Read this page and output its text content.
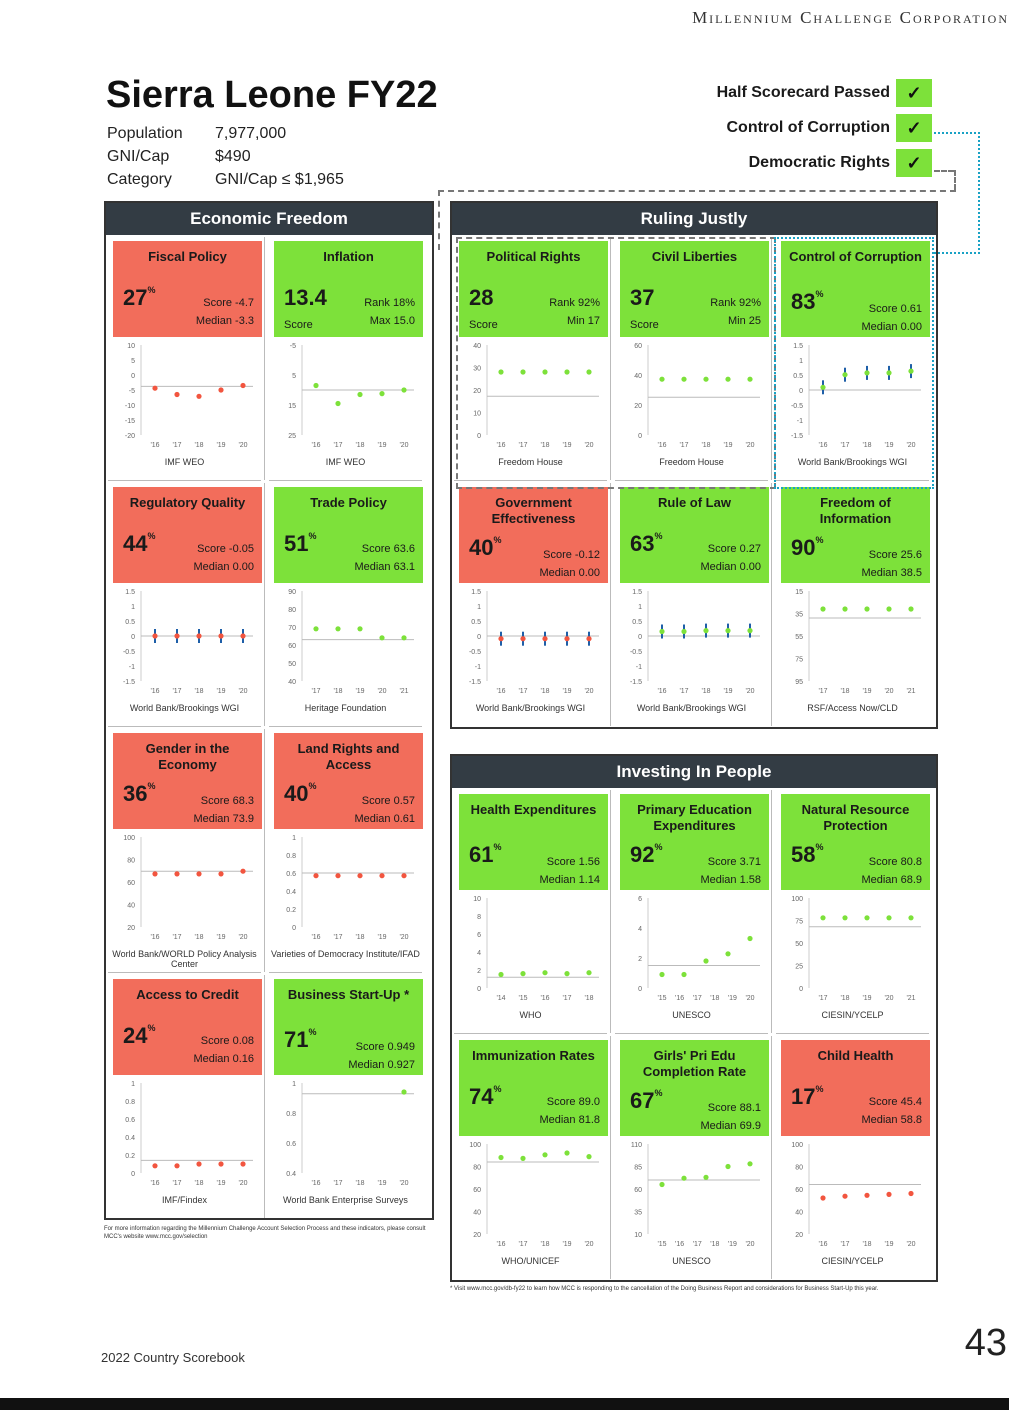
Millennium Challenge Corporation
Sierra Leone FY22
Population	7,977,000
GNI/Cap	$490
Category	GNI/Cap ≤ $1,965
Half Scorecard Passed ✓
Control of Corruption ✓
Democratic Rights ✓
Economic Freedom
Fiscal Policy
27%
Score -4.7
Median -3.3
10
5
0
-5
-10
-15
-20
'16 '17 '18 '19 '20
IMF WEO
Inflation
13.4
Score
Rank 18%
Max 15.0
-5
5
15
25
'16 '17 '18 '19 '20
IMF WEO
Regulatory Quality
44%
Score -0.05
Median 0.00
1.5
1
0.5
0
-0.5
-1
-1.5
'16 '17 '18 '19 '20
World Bank/Brookings WGI
Trade Policy
51%
Score 63.6
Median 63.1
90
80
70
60
50
40
'17 '18 '19 '20 '21
Heritage Foundation
Gender in the Economy
36%
Score 68.3
Median 73.9
100
80
60
40
20
'16 '17 '18 '19 '20
World Bank/WORLD Policy Analysis Center
Land Rights and Access
40%
Score 0.57
Median 0.61
1
0.8
0.6
0.4
0.2
0
'16 '17 '18 '19 '20
Varieties of Democracy Institute/IFAD
Access to Credit
24%
Score 0.08
Median 0.16
1
0.8
0.6
0.4
0.2
0
'16 '17 '18 '19 '20
IMF/Findex
Business Start-Up *
71%
Score 0.949
Median 0.927
1
0.8
0.6
0.4
'16 '17 '18 '19 '20
World Bank Enterprise Surveys
Ruling Justly
Political Rights
28
Score
Rank 92%
Min 17
40
30
20
10
0
'16 '17 '18 '19 '20
Freedom House
Civil Liberties
37
Score
Rank 92%
Min 25
60
40
20
0
'16 '17 '18 '19 '20
Freedom House
Control of Corruption
83%
Score 0.61
Median 0.00
1.5
1
0.5
0
-0.5
-1
-1.5
'16 '17 '18 '19 '20
World Bank/Brookings WGI
Government Effectiveness
40%
Score -0.12
Median 0.00
1.5
1
0.5
0
-0.5
-1
-1.5
'16 '17 '18 '19 '20
World Bank/Brookings WGI
Rule of Law
63%
Score 0.27
Median 0.00
1.5
1
0.5
0
-0.5
-1
-1.5
'16 '17 '18 '19 '20
World Bank/Brookings WGI
Freedom of Information
90%
Score 25.6
Median 38.5
15
35
55
75
95
'17 '18 '19 '20 '21
RSF/Access Now/CLD
Investing In People
Health Expenditures
61%
Score 1.56
Median 1.14
10
8
6
4
2
0
'14 '15 '16 '17 '18
WHO
Primary Education Expenditures
92%
Score 3.71
Median 1.58
6
4
2
0
'15 '16 '17 '18 '19 '20
UNESCO
Natural Resource Protection
58%
Score 80.8
Median 68.9
100
75
50
25
0
'17 '18 '19 '20 '21
CIESIN/YCELP
Immunization Rates
74%
Score 89.0
Median 81.8
100
80
60
40
20
'16 '17 '18 '19 '20
WHO/UNICEF
Girls' Pri Edu Completion Rate
67%
Score 88.1
Median 69.9
110
85
60
35
10
'15 '16 '17 '18 '19 '20
UNESCO
Child Health
17%
Score 45.4
Median 58.8
100
80
60
40
20
'16 '17 '18 '19 '20
CIESIN/YCELP
For more information regarding the Millennium Challenge Account Selection Process and these indicators, please consult MCC's website www.mcc.gov/selection
* Visit www.mcc.gov/db-fy22 to learn how MCC is responding to the cancellation of the Doing Business Report and considerations for Business Start-Up this year.
2022 Country Scorebook	43
